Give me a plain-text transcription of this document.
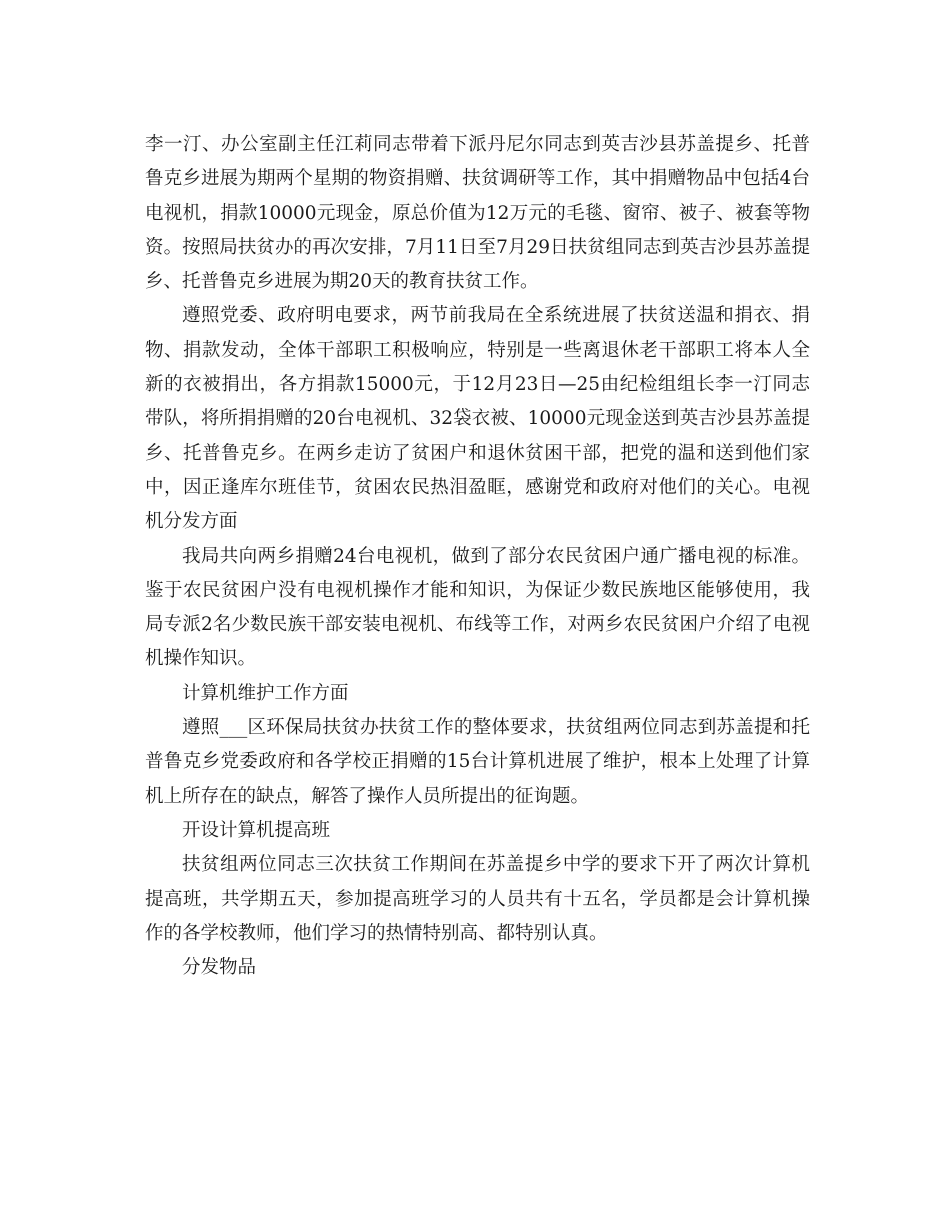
李一汀、办公室副主任江莉同志带着下派丹尼尔同志到英吉沙县苏盖提乡、托普鲁克乡进展为期两个星期的物资捐赠、扶贫调研等工作，其中捐赠物品中包括4台电视机，捐款10000元现金，原总价值为12万元的毛毯、窗帘、被子、被套等物资。按照局扶贫办的再次安排，7月11日至7月29日扶贫组同志到英吉沙县苏盖提乡、托普鲁克乡进展为期20天的教育扶贫工作。

遵照党委、政府明电要求，两节前我局在全系统进展了扶贫送温和捐衣、捐物、捐款发动，全体干部职工积极响应，特别是一些离退休老干部职工将本人全新的衣被捐出，各方捐款15000元，于12月23日—25由纪检组组长李一汀同志带队，将所捐捐赠的20台电视机、32袋衣被、10000元现金送到英吉沙县苏盖提乡、托普鲁克乡。在两乡走访了贫困户和退休贫困干部，把党的温和送到他们家中，因正逢库尔班佳节，贫困农民热泪盈眶，感谢党和政府对他们的关心。电视机分发方面

我局共向两乡捐赠24台电视机，做到了部分农民贫困户通广播电视的标准。鉴于农民贫困户没有电视机操作才能和知识，为保证少数民族地区能够使用，我局专派2名少数民族干部安装电视机、布线等工作，对两乡农民贫困户介绍了电视机操作知识。

计算机维护工作方面

遵照___区环保局扶贫办扶贫工作的整体要求，扶贫组两位同志到苏盖提和托普鲁克乡党委政府和各学校正捐赠的15台计算机进展了维护，根本上处理了计算机上所存在的缺点，解答了操作人员所提出的征询题。

开设计算机提高班

扶贫组两位同志三次扶贫工作期间在苏盖提乡中学的要求下开了两次计算机提高班，共学期五天，参加提高班学习的人员共有十五名，学员都是会计算机操作的各学校教师，他们学习的热情特别高、都特别认真。

分发物品
